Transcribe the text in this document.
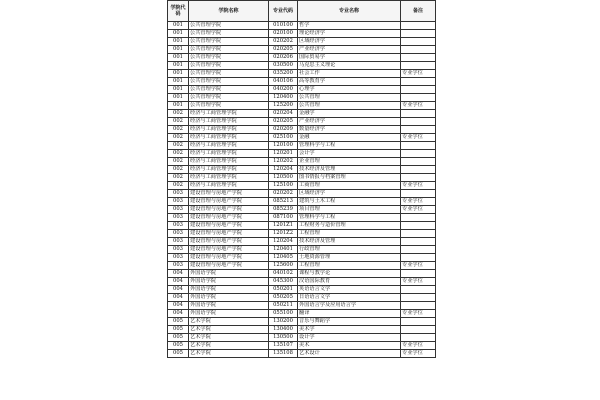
学院代码	学院名称	专业代码	专业名称	备注
001	公共管理学院	010100	哲学	
001	公共管理学院	020100	理论经济学	
001	公共管理学院	020202	区域经济学	
001	公共管理学院	020205	产业经济学	
001	公共管理学院	020206	国际贸易学	
001	公共管理学院	030500	马克思主义理论	
001	公共管理学院	035200	社会工作	专业学位
001	公共管理学院	040106	高等教育学	
001	公共管理学院	040200	心理学	
001	公共管理学院	120400	公共管理	
001	公共管理学院	125200	公共管理	专业学位
002	经济与工商管理学院	020204	金融学	
002	经济与工商管理学院	020205	产业经济学	
002	经济与工商管理学院	020209	数量经济学	
002	经济与工商管理学院	025100	金融	专业学位
002	经济与工商管理学院	120100	管理科学与工程	
002	经济与工商管理学院	120201	会计学	
002	经济与工商管理学院	120202	企业管理	
002	经济与工商管理学院	120204	技术经济及管理	
002	经济与工商管理学院	120500	图书情报与档案管理	
002	经济与工商管理学院	125100	工商管理	专业学位
003	建设管理与房地产学院	020202	区域经济学	
003	建设管理与房地产学院	085213	建筑与土木工程	专业学位
003	建设管理与房地产学院	085239	项目管理	专业学位
003	建设管理与房地产学院	087100	管理科学与工程	
003	建设管理与房地产学院	1201Z1	工程财务与造价管理	
003	建设管理与房地产学院	1201Z2	工程管理	
003	建设管理与房地产学院	120204	技术经济及管理	
003	建设管理与房地产学院	120401	行政管理	
003	建设管理与房地产学院	120405	土地资源管理	
003	建设管理与房地产学院	125600	工程管理	专业学位
004	外国语学院	040102	课程与教学论	
004	外国语学院	045300	汉语国际教育	专业学位
004	外国语学院	050201	英语语言文学	
004	外国语学院	050205	日语语言文学	
004	外国语学院	050211	外国语言学及应用语言学	
004	外国语学院	055100	翻译	专业学位
005	艺术学院	130200	音乐与舞蹈学	
005	艺术学院	130400	美术学	
005	艺术学院	130500	设计学	
005	艺术学院	135107	美术	专业学位
005	艺术学院	135108	艺术设计	专业学位
